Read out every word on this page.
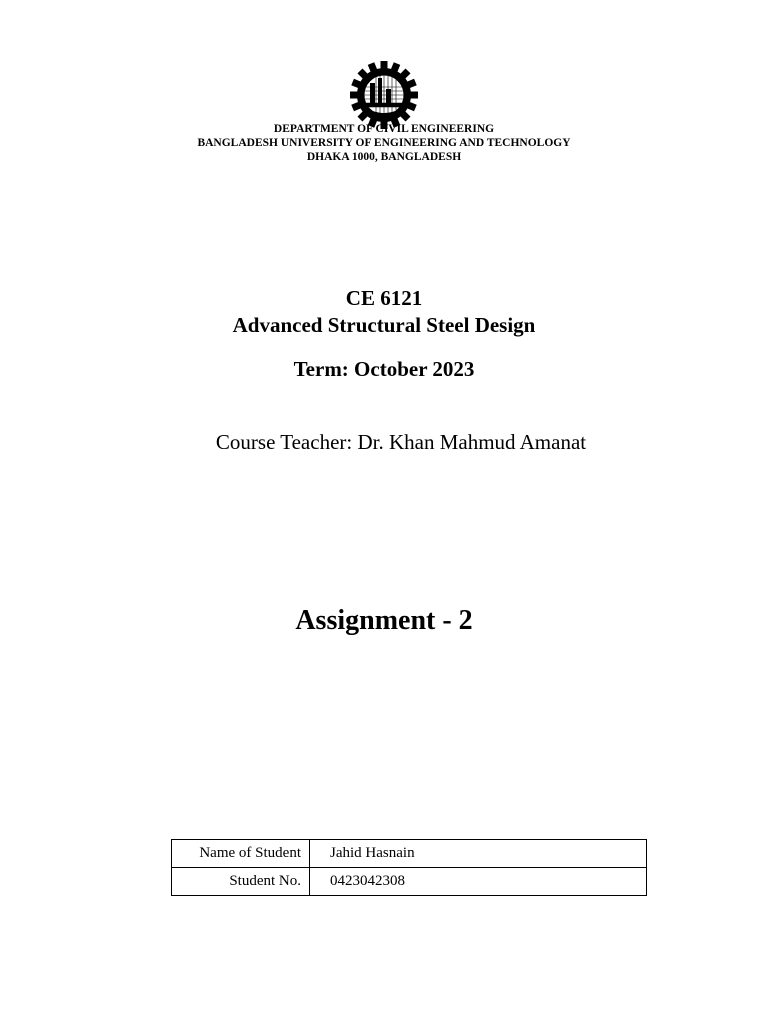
DEPARTMENT OF CIVIL ENGINEERING
BANGLADESH UNIVERSITY OF ENGINEERING AND TECHNOLOGY
DHAKA 1000, BANGLADESH
CE 6121
Advanced Structural Steel Design
Term: October 2023
Course Teacher: Dr. Khan Mahmud Amanat
Assignment - 2
Name of Student	Jahid Hasnain
Student No.	0423042308
